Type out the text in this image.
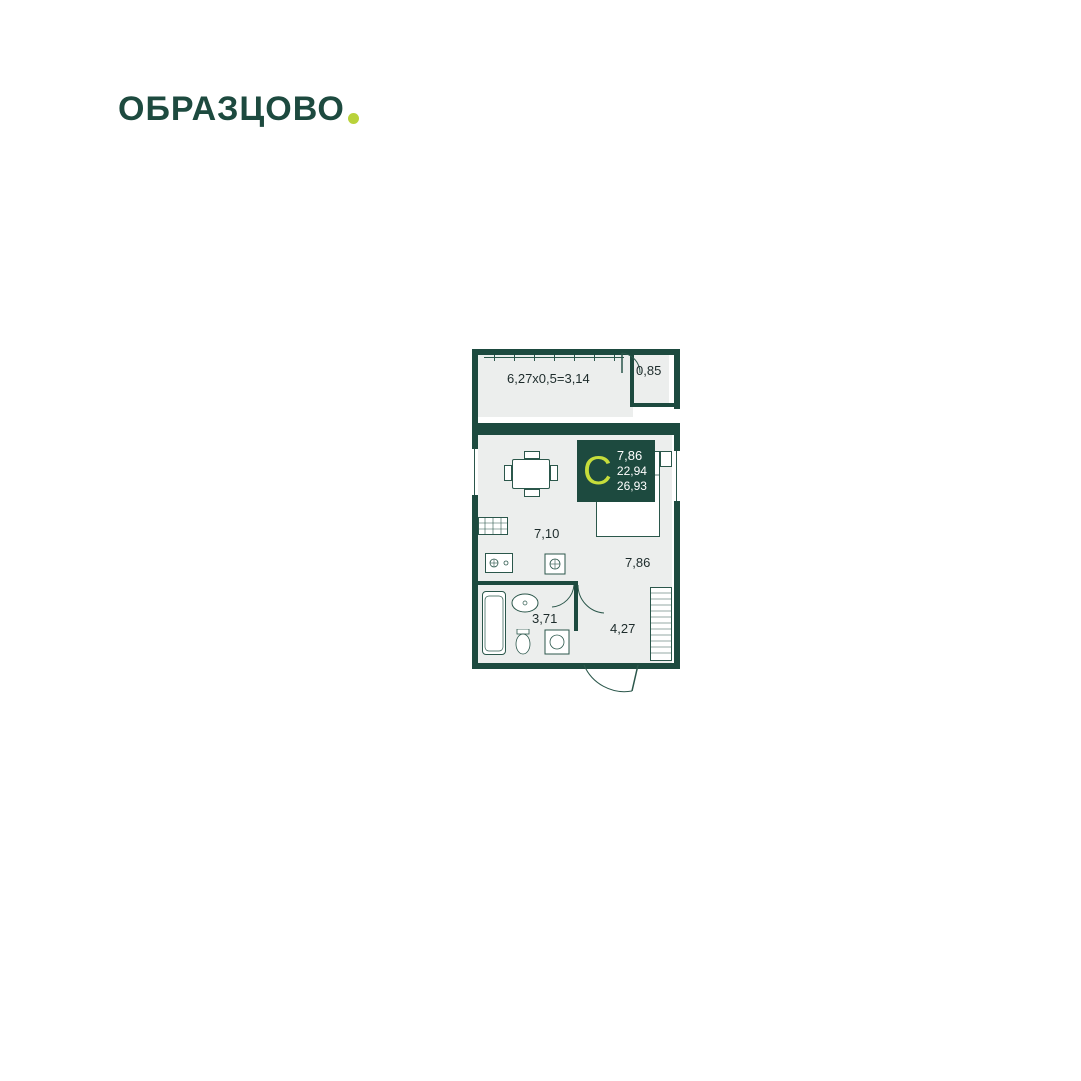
ОБРАЗЦОВО
6,27x0,5=3,14
0,85
7,10
7,86
3,71
4,27
C 7,86
22,94
26,93
